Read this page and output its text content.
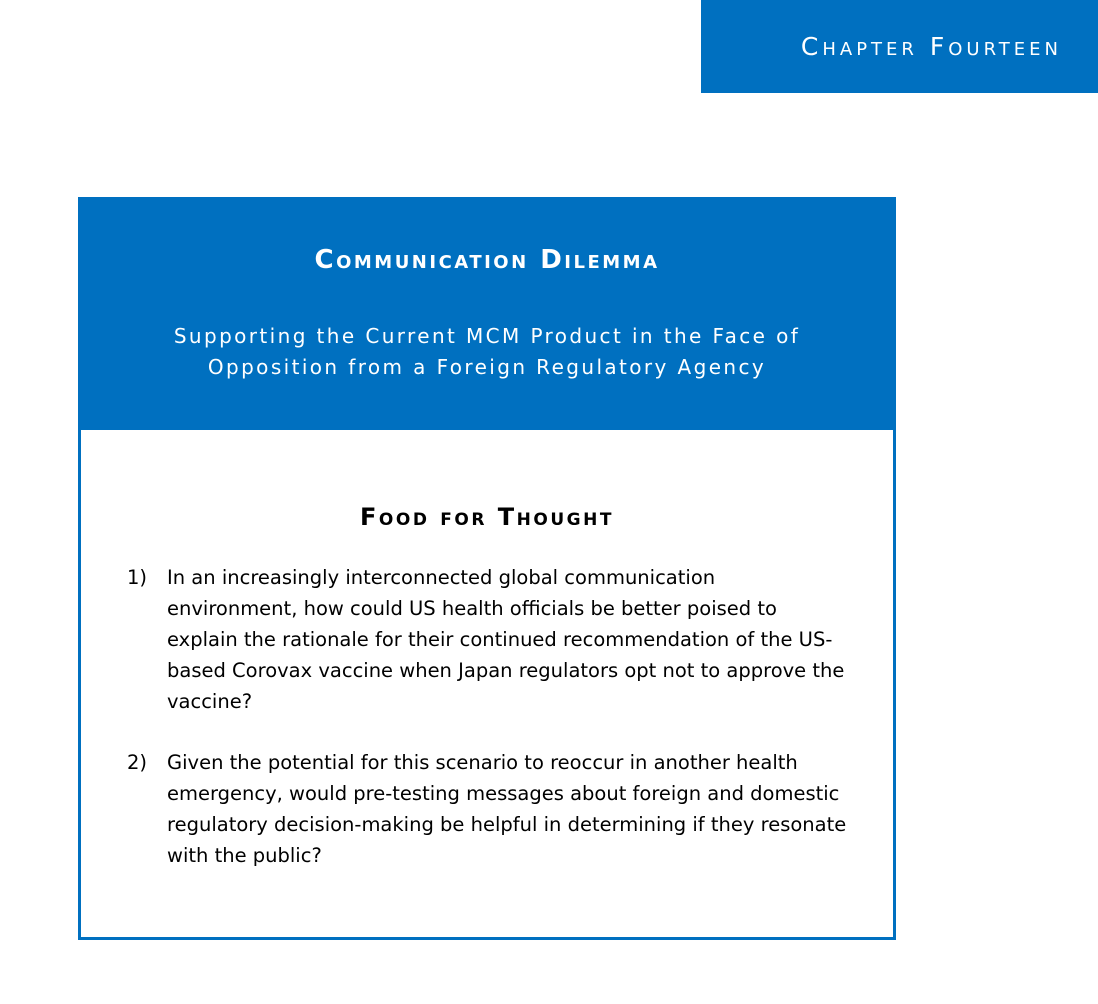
Chapter Fourteen
Communication Dilemma
Supporting the Current MCM Product in the Face of
Opposition from a Foreign Regulatory Agency
Food for Thought
1) In an increasingly interconnected global communication environment, how could US health officials be better poised to explain the rationale for their continued recommendation of the US-based Corovax vaccine when Japan regulators opt not to approve the vaccine?
2) Given the potential for this scenario to reoccur in another health emergency, would pre-testing messages about foreign and domestic regulatory decision-making be helpful in determining if they resonate with the public?
